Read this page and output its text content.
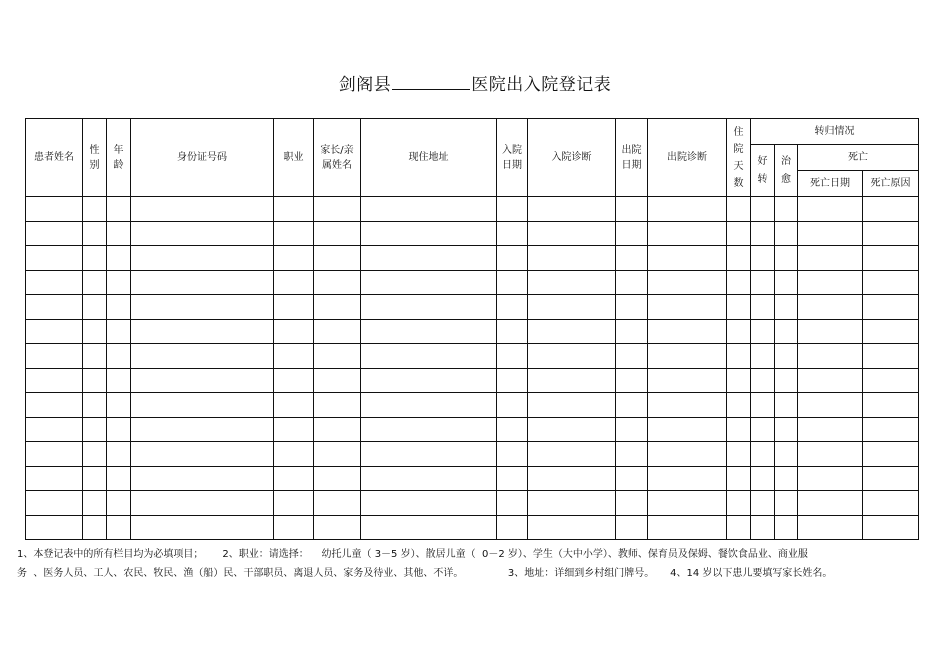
剑阁县	医院出入院登记表
患者姓名	性别	年龄	身份证号码	职业	家长/亲属姓名	现住地址	入院日期	入院诊断	出院日期	出院诊断	住院天数	转归情况			
												好转	治愈	死亡	
														死亡日期	死亡原因

1、本登记表中的所有栏目均为必填项目；      2、职业：请选择：    幼托儿童（ 3－5 岁）、散居儿童（  0－2 岁）、学生（大中小学）、教师、保育员及保姆、餐饮食品业、商业服
务  、医务人员、工人、农民、牧民、渔（船）民、干部职员、离退人员、家务及待业、其他、不详。              3、地址：详细到乡村组门牌号。     4、14 岁以下患儿要填写家长姓名。
